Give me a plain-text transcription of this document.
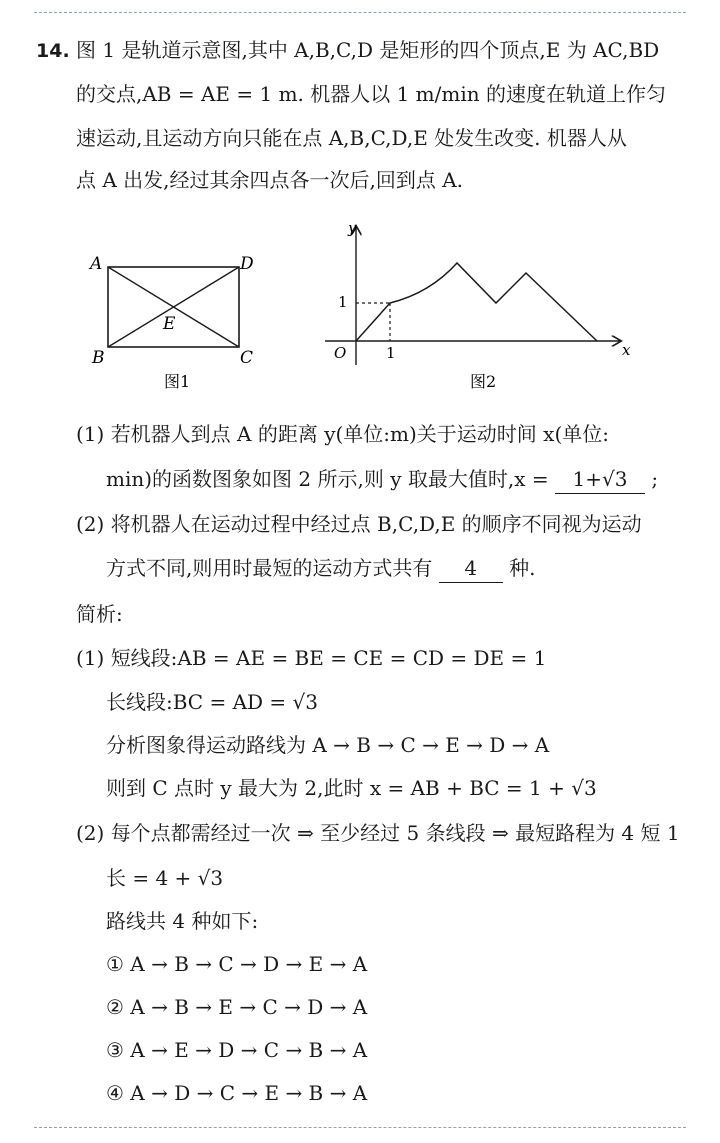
14. 图 1 是轨道示意图,其中 A,B,C,D 是矩形的四个顶点,E 为 AC,BD
的交点,AB = AE = 1 m. 机器人以 1 m/min 的速度在轨道上作匀
速运动,且运动方向只能在点 A,B,C,D,E 处发生改变. 机器人从
点 A 出发,经过其余四点各一次后,回到点 A.
A	D
B	C
E
图1
y
x
O	1
1
图2
(1) 若机器人到点 A 的距离 y(单位:m)关于运动时间 x(单位:
min)的函数图象如图 2 所示,则 y 取最大值时,x = 1+√3 ;
(2) 将机器人在运动过程中经过点 B,C,D,E 的顺序不同视为运动
方式不同,则用时最短的运动方式共有 4 种.
简析:
(1) 短线段:AB = AE = BE = CE = CD = DE = 1
长线段:BC = AD = √3
分析图象得运动路线为 A → B → C → E → D → A
则到 C 点时 y 最大为 2,此时 x = AB + BC = 1 + √3
(2) 每个点都需经过一次 ⇒ 至少经过 5 条线段 ⇒ 最短路程为 4 短 1
长 = 4 + √3
路线共 4 种如下:
① A → B → C → D → E → A
② A → B → E → C → D → A
③ A → E → D → C → B → A
④ A → D → C → E → B → A
